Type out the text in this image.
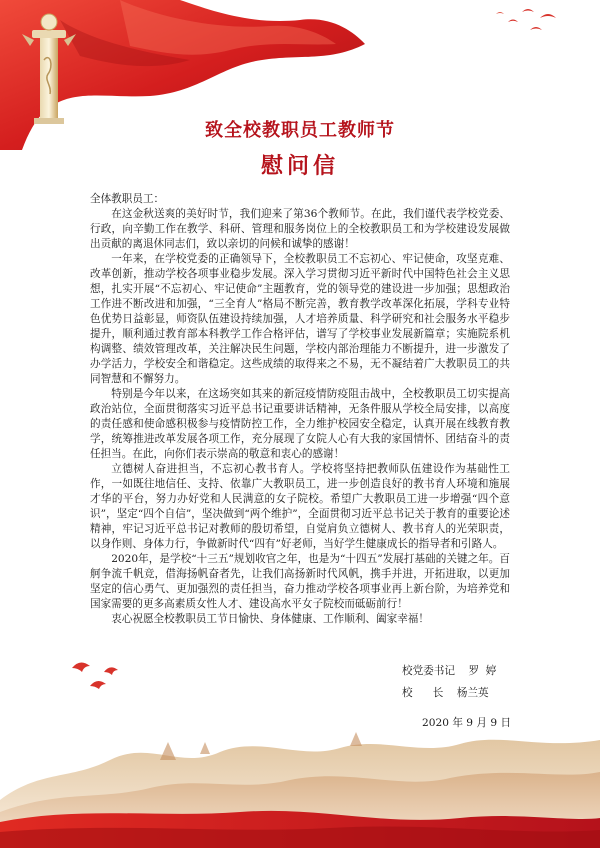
致全校教职员工教师节
慰问信

全体教职员工：

在这金秋送爽的美好时节，我们迎来了第36个教师节。在此，我们谨代表学校党委、行政，向辛勤工作在教学、科研、管理和服务岗位上的全校教职员工和为学校建设发展做出贡献的离退休同志们，致以亲切的问候和诚挚的感谢！

一年来，在学校党委的正确领导下，全校教职员工不忘初心、牢记使命，攻坚克难、改革创新，推动学校各项事业稳步发展。深入学习贯彻习近平新时代中国特色社会主义思想，扎实开展“不忘初心、牢记使命”主题教育，党的领导党的建设进一步加强；思想政治工作进不断改进和加强，“三全育人”格局不断完善，教育教学改革深化拓展，学科专业特色优势日益彰显，师资队伍建设持续加强，人才培养质量、科学研究和社会服务水平稳步提升，顺利通过教育部本科教学工作合格评估，谱写了学校事业发展新篇章；实施院系机构调整、绩效管理改革，关注解决民生问题，学校内部治理能力不断提升，进一步激发了办学活力，学校安全和谐稳定。这些成绩的取得来之不易，无不凝结着广大教职员工的共同智慧和不懈努力。

特别是今年以来，在这场突如其来的新冠疫情防疫阻击战中，全校教职员工切实提高政治站位，全面贯彻落实习近平总书记重要讲话精神，无条件服从学校全局安排，以高度的责任感和使命感积极参与疫情防控工作，全力维护校园安全稳定，认真开展在线教育教学，统筹推进改革发展各项工作，充分展现了女院人心有大我的家国情怀、团结奋斗的责任担当。在此，向你们表示崇高的敬意和衷心的感谢！

立德树人奋进担当，不忘初心教书育人。学校将坚持把教师队伍建设作为基础性工作，一如既往地信任、支持、依靠广大教职员工，进一步创造良好的教书育人环境和施展才华的平台，努力办好党和人民满意的女子院校。希望广大教职员工进一步增强“四个意识”，坚定“四个自信”，坚决做到“两个维护”，全面贯彻习近平总书记关于教育的重要论述精神，牢记习近平总书记对教师的殷切希望，自觉肩负立德树人、教书育人的光荣职责，以身作则、身体力行，争做新时代“四有”好老师，当好学生健康成长的指导者和引路人。

2020年，是学校“十三五”规划收官之年，也是为“十四五”发展打基础的关键之年。百舸争流千帆竞，借海扬帆奋者先，让我们高扬新时代风帆，携手并进，开拓进取，以更加坚定的信心勇气、更加强烈的责任担当，奋力推动学校各项事业再上新台阶，为培养党和国家需要的更多高素质女性人才、建设高水平女子院校而砥砺前行！

衷心祝愿全校教职员工节日愉快、身体健康、工作顺利、阖家幸福！

校党委书记    罗  婷
校      长    杨兰英
2020 年 9 月 9 日
